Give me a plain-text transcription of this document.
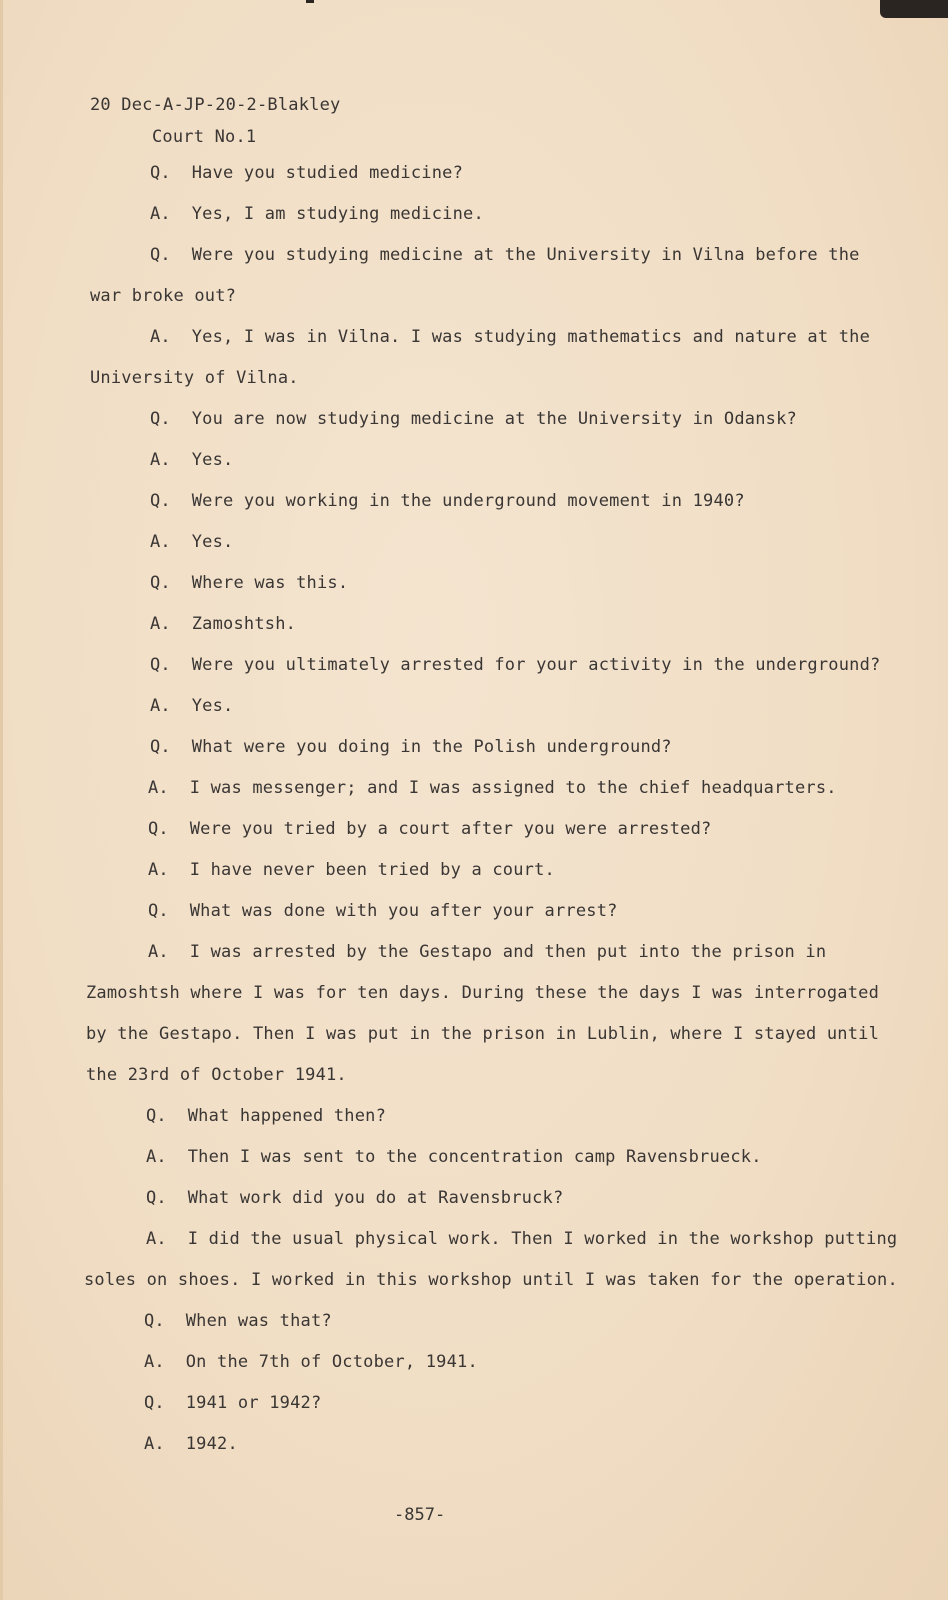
20 Dec-A-JP-20-2-Blakley
Court No.1
Q.  Have you studied medicine?
A.  Yes, I am studying medicine.
Q.  Were you studying medicine at the University in Vilna before the
war broke out?
A.  Yes, I was in Vilna. I was studying mathematics and nature at the
University of Vilna.
Q.  You are now studying medicine at the University in Odansk?
A.  Yes.
Q.  Were you working in the underground movement in 1940?
A.  Yes.
Q.  Where was this.
A.  Zamoshtsh.
Q.  Were you ultimately arrested for your activity in the underground?
A.  Yes.
Q.  What were you doing in the Polish underground?
A.  I was messenger; and I was assigned to the chief headquarters.
Q.  Were you tried by a court after you were arrested?
A.  I have never been tried by a court.
Q.  What was done with you after your arrest?
A.  I was arrested by the Gestapo and then put into the prison in
Zamoshtsh where I was for ten days. During these the days I was interrogated
by the Gestapo. Then I was put in the prison in Lublin, where I stayed until
the 23rd of October 1941.
Q.  What happened then?
A.  Then I was sent to the concentration camp Ravensbrueck.
Q.  What work did you do at Ravensbruck?
A.  I did the usual physical work. Then I worked in the workshop putting
soles on shoes. I worked in this workshop until I was taken for the operation.
Q.  When was that?
A.  On the 7th of October, 1941.
Q.  1941 or 1942?
A.  1942.
-857-
